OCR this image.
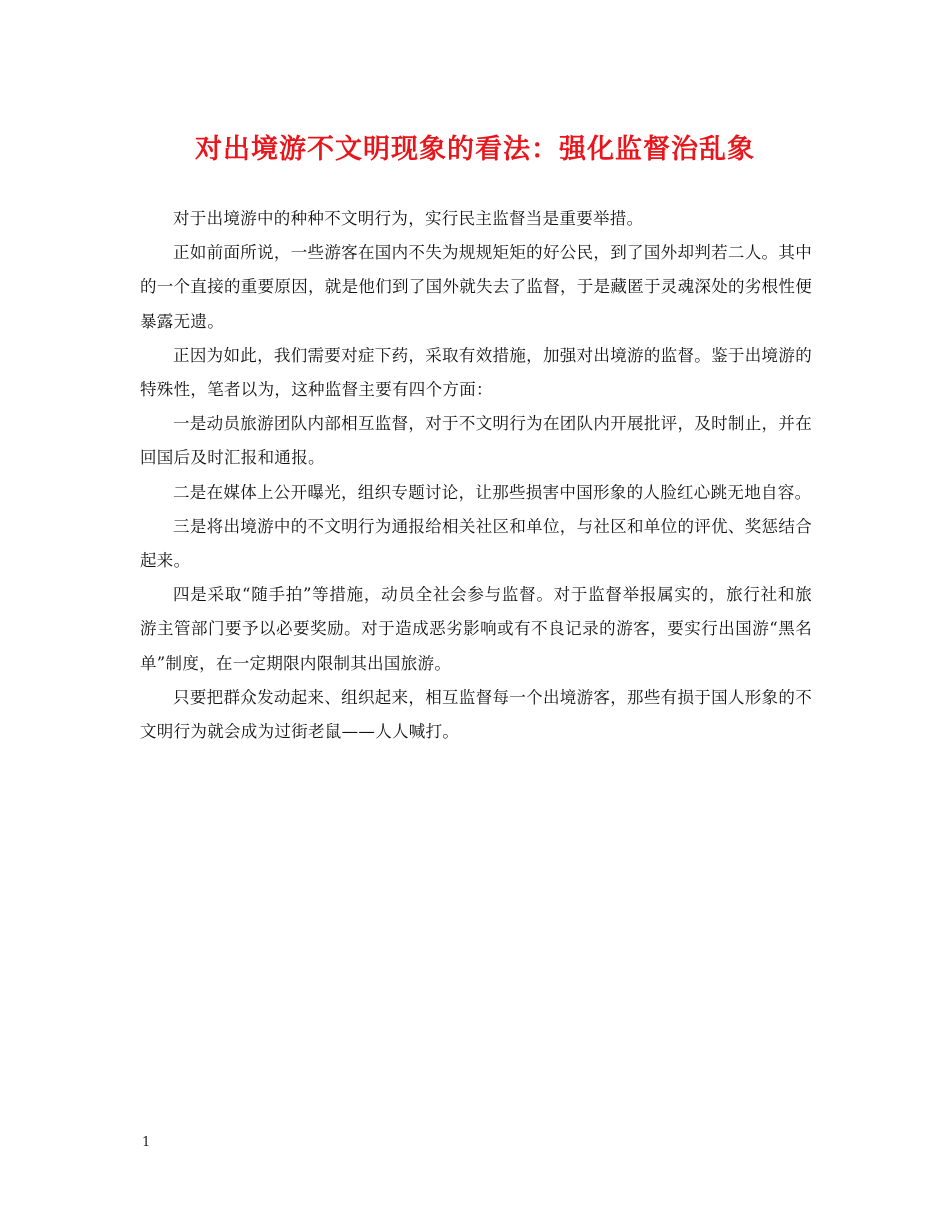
对出境游不文明现象的看法：强化监督治乱象

对于出境游中的种种不文明行为，实行民主监督当是重要举措。

正如前面所说，一些游客在国内不失为规规矩矩的好公民，到了国外却判若二人。其中的一个直接的重要原因，就是他们到了国外就失去了监督，于是藏匿于灵魂深处的劣根性便暴露无遗。

正因为如此，我们需要对症下药，采取有效措施，加强对出境游的监督。鉴于出境游的特殊性，笔者以为，这种监督主要有四个方面：

一是动员旅游团队内部相互监督，对于不文明行为在团队内开展批评，及时制止，并在回国后及时汇报和通报。

二是在媒体上公开曝光，组织专题讨论，让那些损害中国形象的人脸红心跳无地自容。

三是将出境游中的不文明行为通报给相关社区和单位，与社区和单位的评优、奖惩结合起来。

四是采取“随手拍”等措施，动员全社会参与监督。对于监督举报属实的，旅行社和旅游主管部门要予以必要奖励。对于造成恶劣影响或有不良记录的游客，要实行出国游“黑名单”制度，在一定期限内限制其出国旅游。

只要把群众发动起来、组织起来，相互监督每一个出境游客，那些有损于国人形象的不文明行为就会成为过街老鼠——人人喊打。

1
